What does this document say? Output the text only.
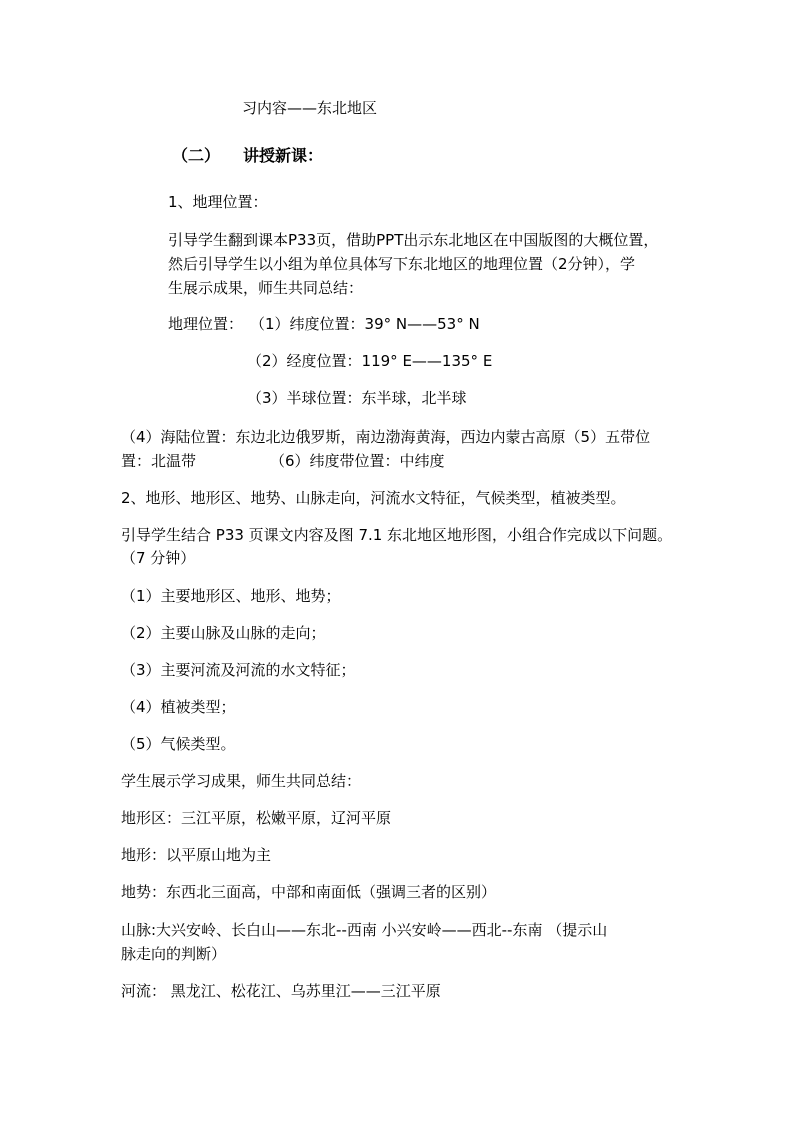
习内容——东北地区
（二） 讲授新课：
1、地理位置：
引导学生翻到课本P33页，借助PPT出示东北地区在中国版图的大概位置，
然后引导学生以小组为单位具体写下东北地区的地理位置（2分钟），学
生展示成果，师生共同总结：
地理位置： （1）纬度位置：39° N——53° N
（2）经度位置：119° E——135° E
（3）半球位置：东半球，北半球
（4）海陆位置：东边北边俄罗斯，南边渤海黄海，西边内蒙古高原（5）五带位
置：北温带	（6）纬度带位置：中纬度
2、地形、地形区、地势、山脉走向，河流水文特征，气候类型，植被类型。
引导学生结合 P33 页课文内容及图 7.1 东北地区地形图，小组合作完成以下问题。
（7 分钟）
（1）主要地形区、地形、地势；
（2）主要山脉及山脉的走向；
（3）主要河流及河流的水文特征；
（4）植被类型；
（5）气候类型。
学生展示学习成果，师生共同总结：
地形区：三江平原，松嫩平原，辽河平原
地形：以平原山地为主
地势：东西北三面高，中部和南面低（强调三者的区别）
山脉:大兴安岭、长白山——东北--西南 小兴安岭——西北--东南 （提示山
脉走向的判断）
河流： 黑龙江、松花江、乌苏里江——三江平原
